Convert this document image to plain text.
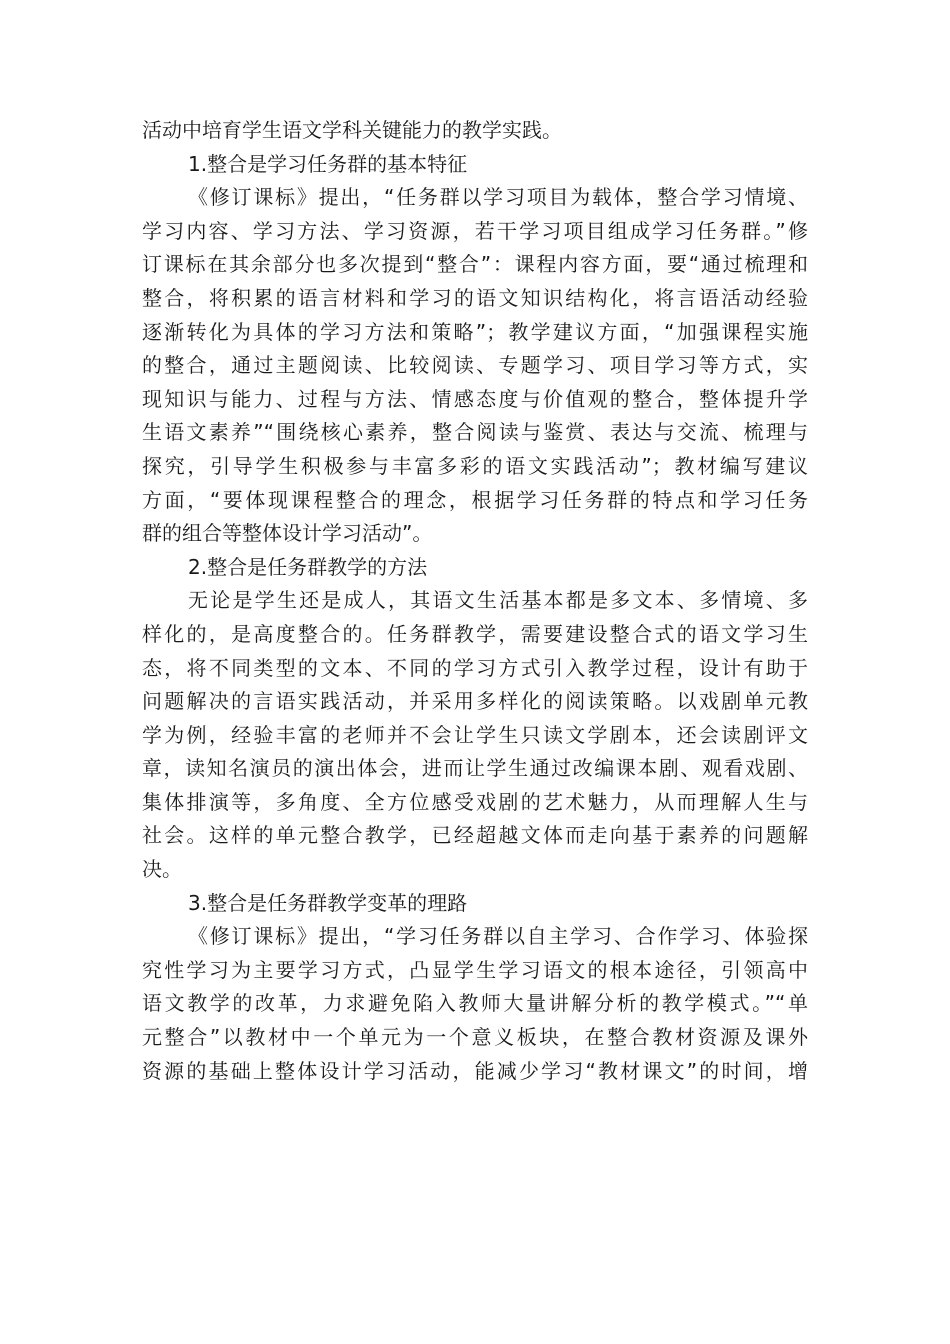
活动中培育学生语文学科关键能力的教学实践。
1.整合是学习任务群的基本特征
《修订课标》提出，“任务群以学习项目为载体，整合学习情境、
学习内容、学习方法、学习资源，若干学习项目组成学习任务群。”修
订课标在其余部分也多次提到“整合”：课程内容方面，要“通过梳理和
整合，将积累的语言材料和学习的语文知识结构化，将言语活动经验
逐渐转化为具体的学习方法和策略”；教学建议方面，“加强课程实施
的整合，通过主题阅读、比较阅读、专题学习、项目学习等方式，实
现知识与能力、过程与方法、情感态度与价值观的整合，整体提升学
生语文素养”“围绕核心素养，整合阅读与鉴赏、表达与交流、梳理与
探究，引导学生积极参与丰富多彩的语文实践活动”；教材编写建议
方面，“要体现课程整合的理念，根据学习任务群的特点和学习任务
群的组合等整体设计学习活动”。
2.整合是任务群教学的方法
无论是学生还是成人，其语文生活基本都是多文本、多情境、多
样化的，是高度整合的。任务群教学，需要建设整合式的语文学习生
态，将不同类型的文本、不同的学习方式引入教学过程，设计有助于
问题解决的言语实践活动，并采用多样化的阅读策略。以戏剧单元教
学为例，经验丰富的老师并不会让学生只读文学剧本，还会读剧评文
章，读知名演员的演出体会，进而让学生通过改编课本剧、观看戏剧、
集体排演等，多角度、全方位感受戏剧的艺术魅力，从而理解人生与
社会。这样的单元整合教学，已经超越文体而走向基于素养的问题解
决。
3.整合是任务群教学变革的理路
《修订课标》提出，“学习任务群以自主学习、合作学习、体验探
究性学习为主要学习方式，凸显学生学习语文的根本途径，引领高中
语文教学的改革，力求避免陷入教师大量讲解分析的教学模式。”“单
元整合”以教材中一个单元为一个意义板块，在整合教材资源及课外
资源的基础上整体设计学习活动，能减少学习“教材课文”的时间，增
